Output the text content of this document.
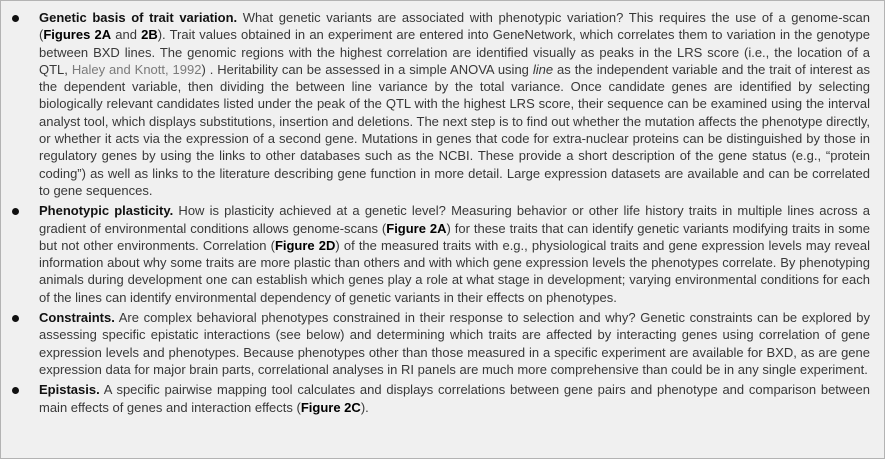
Genetic basis of trait variation. What genetic variants are associated with phenotypic variation? This requires the use of a genome-scan (Figures 2A and 2B). Trait values obtained in an experiment are entered into GeneNetwork, which correlates them to variation in the genotype between BXD lines. The genomic regions with the highest correlation are identified visually as peaks in the LRS score (i.e., the location of a QTL, Haley and Knott, 1992) . Heritability can be assessed in a simple ANOVA using line as the independent variable and the trait of interest as the dependent variable, then dividing the between line variance by the total variance. Once candidate genes are identified by selecting biologically relevant candidates listed under the peak of the QTL with the highest LRS score, their sequence can be examined using the interval analyst tool, which displays substitutions, insertion and deletions. The next step is to find out whether the mutation affects the phenotype directly, or whether it acts via the expression of a second gene. Mutations in genes that code for extra-nuclear proteins can be distinguished by those in regulatory genes by using the links to other databases such as the NCBI. These provide a short description of the gene status (e.g., “protein coding”) as well as links to the literature describing gene function in more detail. Large expression datasets are available and can be correlated to gene sequences.
Phenotypic plasticity. How is plasticity achieved at a genetic level? Measuring behavior or other life history traits in multiple lines across a gradient of environmental conditions allows genome-scans (Figure 2A) for these traits that can identify genetic variants modifying traits in some but not other environments. Correlation (Figure 2D) of the measured traits with e.g., physiological traits and gene expression levels may reveal information about why some traits are more plastic than others and with which gene expression levels the phenotypes correlate. By phenotyping animals during development one can establish which genes play a role at what stage in development; varying environmental conditions for each of the lines can identify environmental dependency of genetic variants in their effects on phenotypes.
Constraints. Are complex behavioral phenotypes constrained in their response to selection and why? Genetic constraints can be explored by assessing specific epistatic interactions (see below) and determining which traits are affected by interacting genes using correlation of gene expression levels and phenotypes. Because phenotypes other than those measured in a specific experiment are available for BXD, as are gene expression data for major brain parts, correlational analyses in RI panels are much more comprehensive than could be in any single experiment.
Epistasis. A specific pairwise mapping tool calculates and displays correlations between gene pairs and phenotype and comparison between main effects of genes and interaction effects (Figure 2C).
